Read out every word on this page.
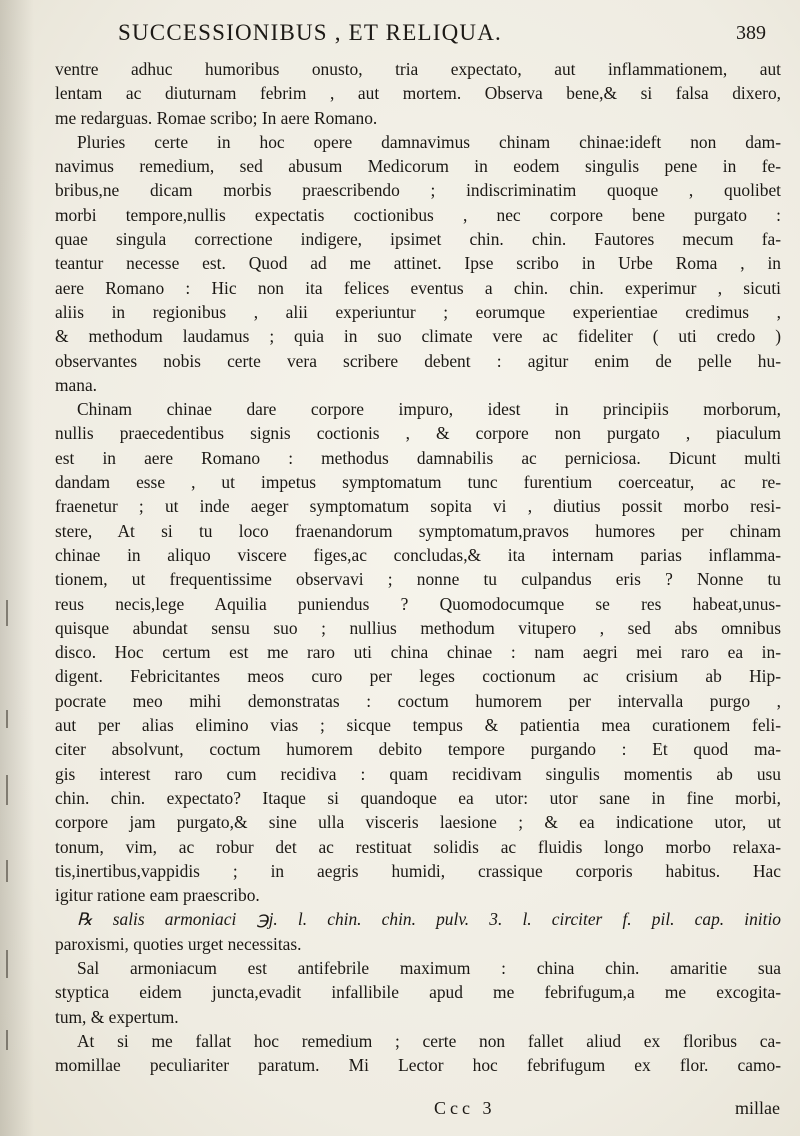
SUCCESSIONIBUS , ET RELIQUA.	389
ventre adhuc humoribus onusto, tria expectato, aut inflammationem, aut
lentam ac diuturnam febrim , aut mortem. Observa bene,& si falsa dixero,
me redarguas. Romae scribo; In aere Romano.
Pluries certe in hoc opere damnavimus chinam chinae:ideft non dam-
navimus remedium, sed abusum Medicorum in eodem singulis pene in fe-
bribus,ne dicam morbis praescribendo ; indiscriminatim quoque , quolibet
morbi tempore,nullis expectatis coctionibus , nec corpore bene purgato :
quae singula correctione indigere, ipsimet chin. chin. Fautores mecum fa-
teantur necesse est. Quod ad me attinet. Ipse scribo in Urbe Roma , in
aere Romano : Hic non ita felices eventus a chin. chin. experimur , sicuti
aliis in regionibus , alii experiuntur ; eorumque experientiae credimus ,
& methodum laudamus ; quia in suo climate vere ac fideliter ( uti credo )
observantes nobis certe vera scribere debent : agitur enim de pelle hu-
mana.
Chinam chinae dare corpore impuro, idest in principiis morborum,
nullis praecedentibus signis coctionis , & corpore non purgato , piaculum
est in aere Romano : methodus damnabilis ac perniciosa. Dicunt multi
dandam esse , ut impetus symptomatum tunc furentium coerceatur, ac re-
fraenetur ; ut inde aeger symptomatum sopita vi , diutius possit morbo resi-
stere, At si tu loco fraenandorum symptomatum,pravos humores per chinam
chinae in aliquo viscere figes,ac concludas,& ita internam parias inflamma-
tionem, ut frequentissime observavi ; nonne tu culpandus eris ? Nonne tu
reus necis,lege Aquilia puniendus ? Quomodocumque se res habeat,unus-
quisque abundat sensu suo ; nullius methodum vitupero , sed abs omnibus
disco. Hoc certum est me raro uti china chinae : nam aegri mei raro ea in-
digent. Febricitantes meos curo per leges coctionum ac crisium ab Hip-
pocrate meo mihi demonstratas : coctum humorem per intervalla purgo ,
aut per alias elimino vias ; sicque tempus & patientia mea curationem feli-
citer absolvunt, coctum humorem debito tempore purgando : Et quod ma-
gis interest raro cum recidiva : quam recidivam singulis momentis ab usu
chin. chin. expectato? Itaque si quandoque ea utor: utor sane in fine morbi,
corpore jam purgato,& sine ulla visceris laesione ; & ea indicatione utor, ut
tonum, vim, ac robur det ac restituat solidis ac fluidis longo morbo relaxa-
tis,inertibus,vappidis ; in aegris humidi, crassique corporis habitus. Hac
igitur ratione eam praescribo.
℞ salis armoniaci ℈j. l. chin. chin. pulv. 3. l. circiter f. pil. cap. initio
paroxismi, quoties urget necessitas.
Sal armoniacum est antifebrile maximum : china chin. amaritie sua
styptica eidem juncta,evadit infallibile apud me febrifugum,a me excogita-
tum, & expertum.
At si me fallat hoc remedium ; certe non fallet aliud ex floribus ca-
momillae peculiariter paratum. Mi Lector hoc febrifugum ex flor. camo-
Ccc 3	millae
